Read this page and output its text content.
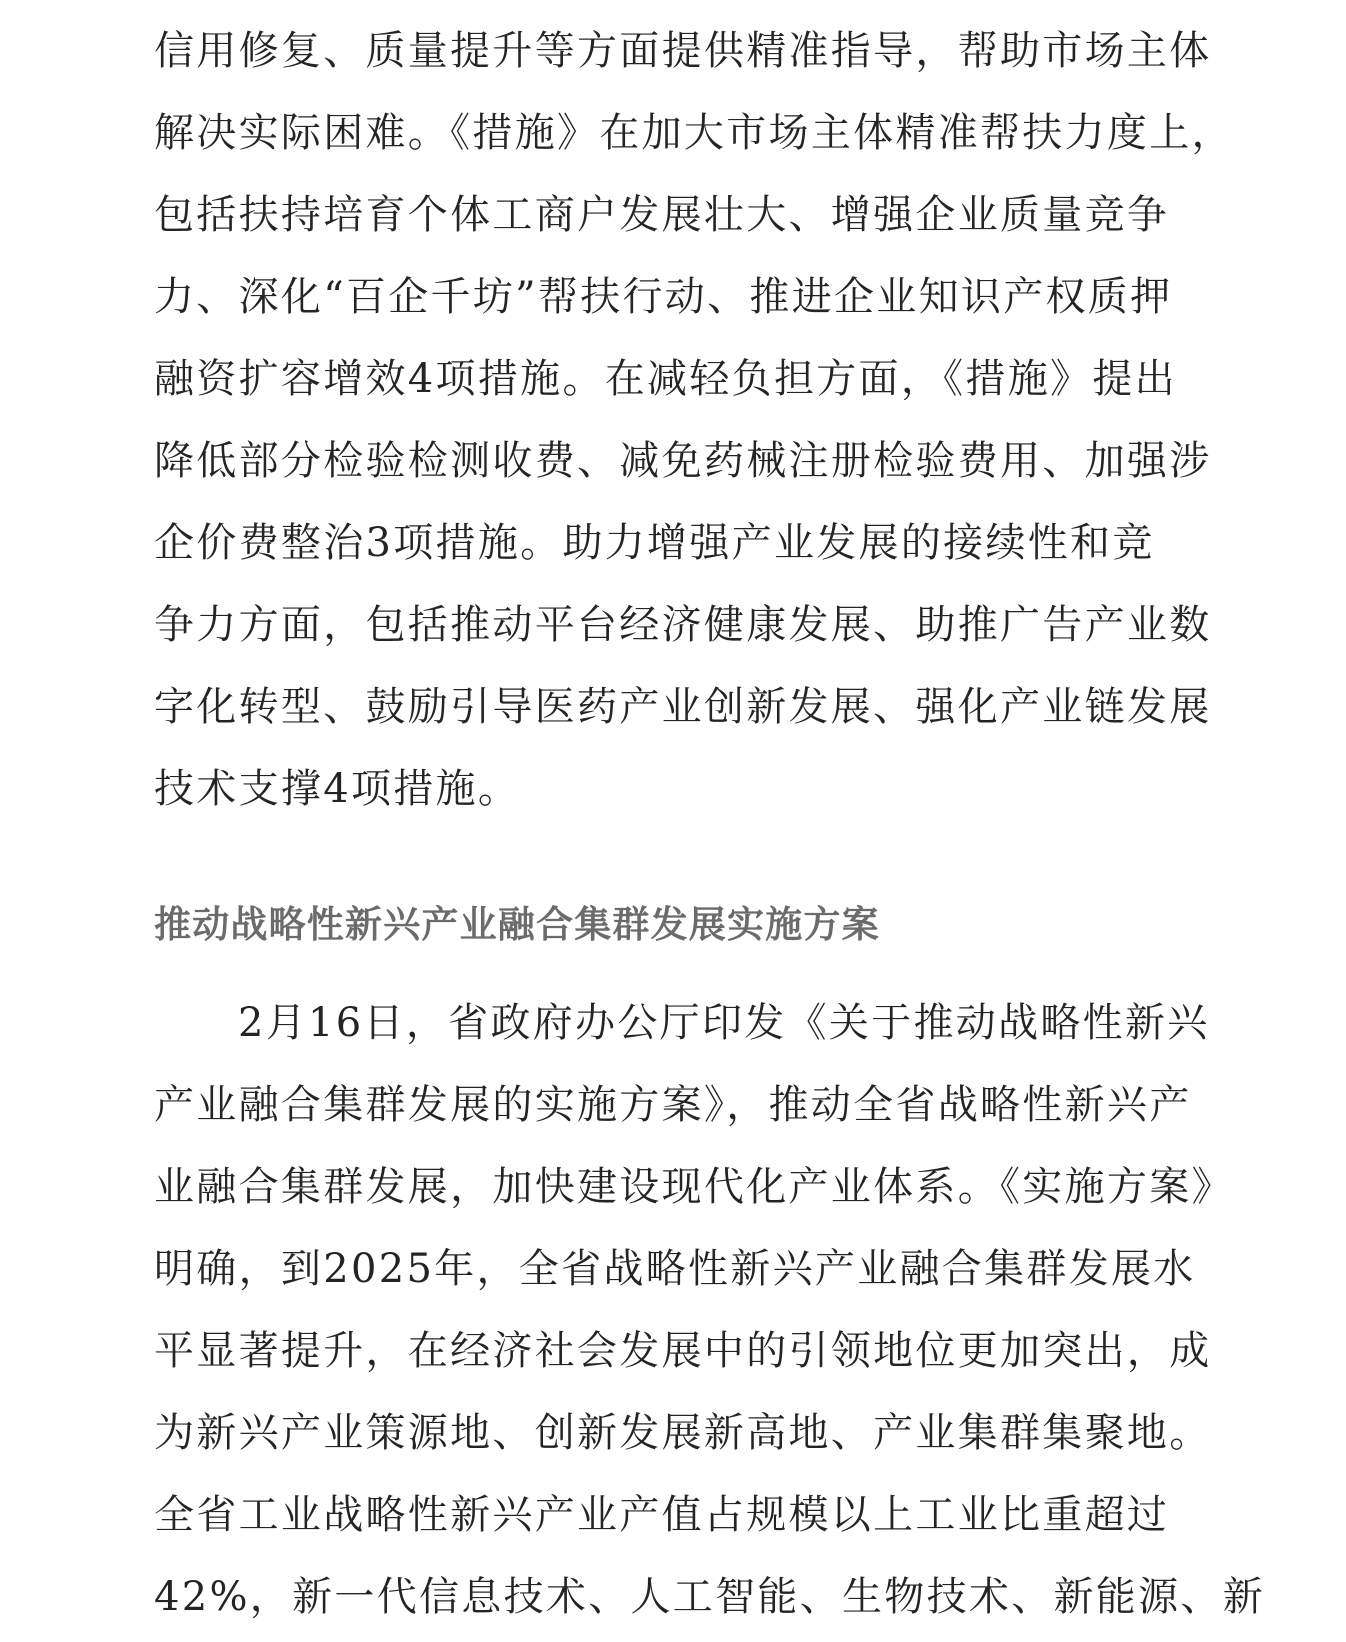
信用修复、质量提升等方面提供精准指导，帮助市场主体
解决实际困难。《措施》在加大市场主体精准帮扶力度上，
包括扶持培育个体工商户发展壮大、增强企业质量竞争
力、深化“百企千坊”帮扶行动、推进企业知识产权质押
融资扩容增效4项措施。在减轻负担方面，《措施》提出
降低部分检验检测收费、减免药械注册检验费用、加强涉
企价费整治3项措施。助力增强产业发展的接续性和竞
争力方面，包括推动平台经济健康发展、助推广告产业数
字化转型、鼓励引导医药产业创新发展、强化产业链发展
技术支撑4项措施。
推动战略性新兴产业融合集群发展实施方案
2月16日，省政府办公厅印发《关于推动战略性新兴
产业融合集群发展的实施方案》，推动全省战略性新兴产
业融合集群发展，加快建设现代化产业体系。《实施方案》
明确，到2025年，全省战略性新兴产业融合集群发展水
平显著提升，在经济社会发展中的引领地位更加突出，成
为新兴产业策源地、创新发展新高地、产业集群集聚地。
全省工业战略性新兴产业产值占规模以上工业比重超过
42%，新一代信息技术、人工智能、生物技术、新能源、新
